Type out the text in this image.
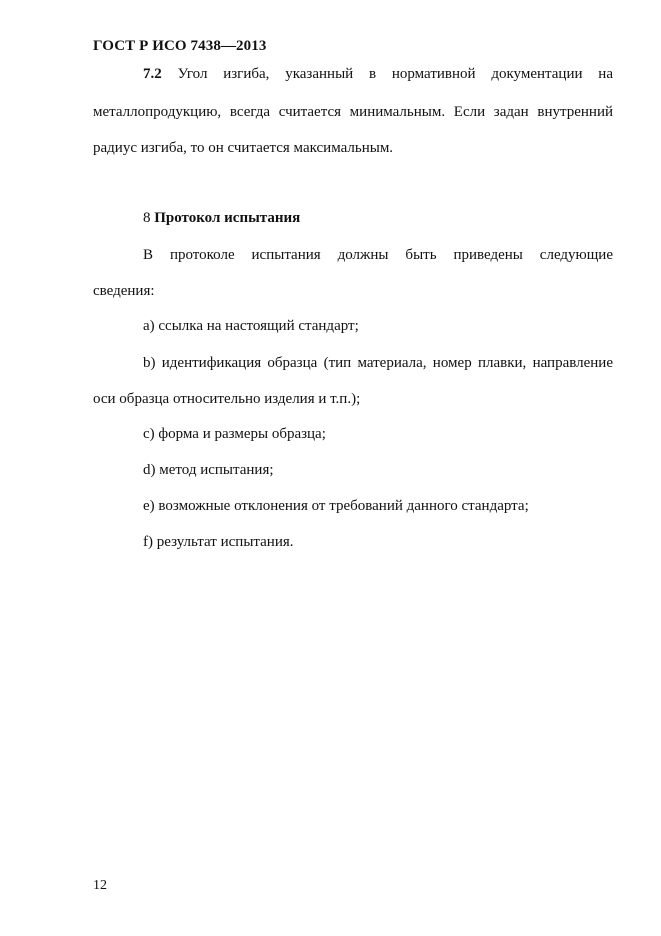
ГОСТ Р ИСО 7438—2013
7.2 Угол изгиба, указанный в нормативной документации на
металлопродукцию, всегда считается минимальным. Если задан внутренний
радиус изгиба, то он считается максимальным.
8 Протокол испытания
В протоколе испытания должны быть приведены следующие
сведения:
a) ссылка на настоящий стандарт;
b) идентификация образца (тип материала, номер плавки, направление
оси образца относительно изделия и т.п.);
c) форма и размеры образца;
d) метод испытания;
e) возможные отклонения от требований данного стандарта;
f) результат испытания.
12
